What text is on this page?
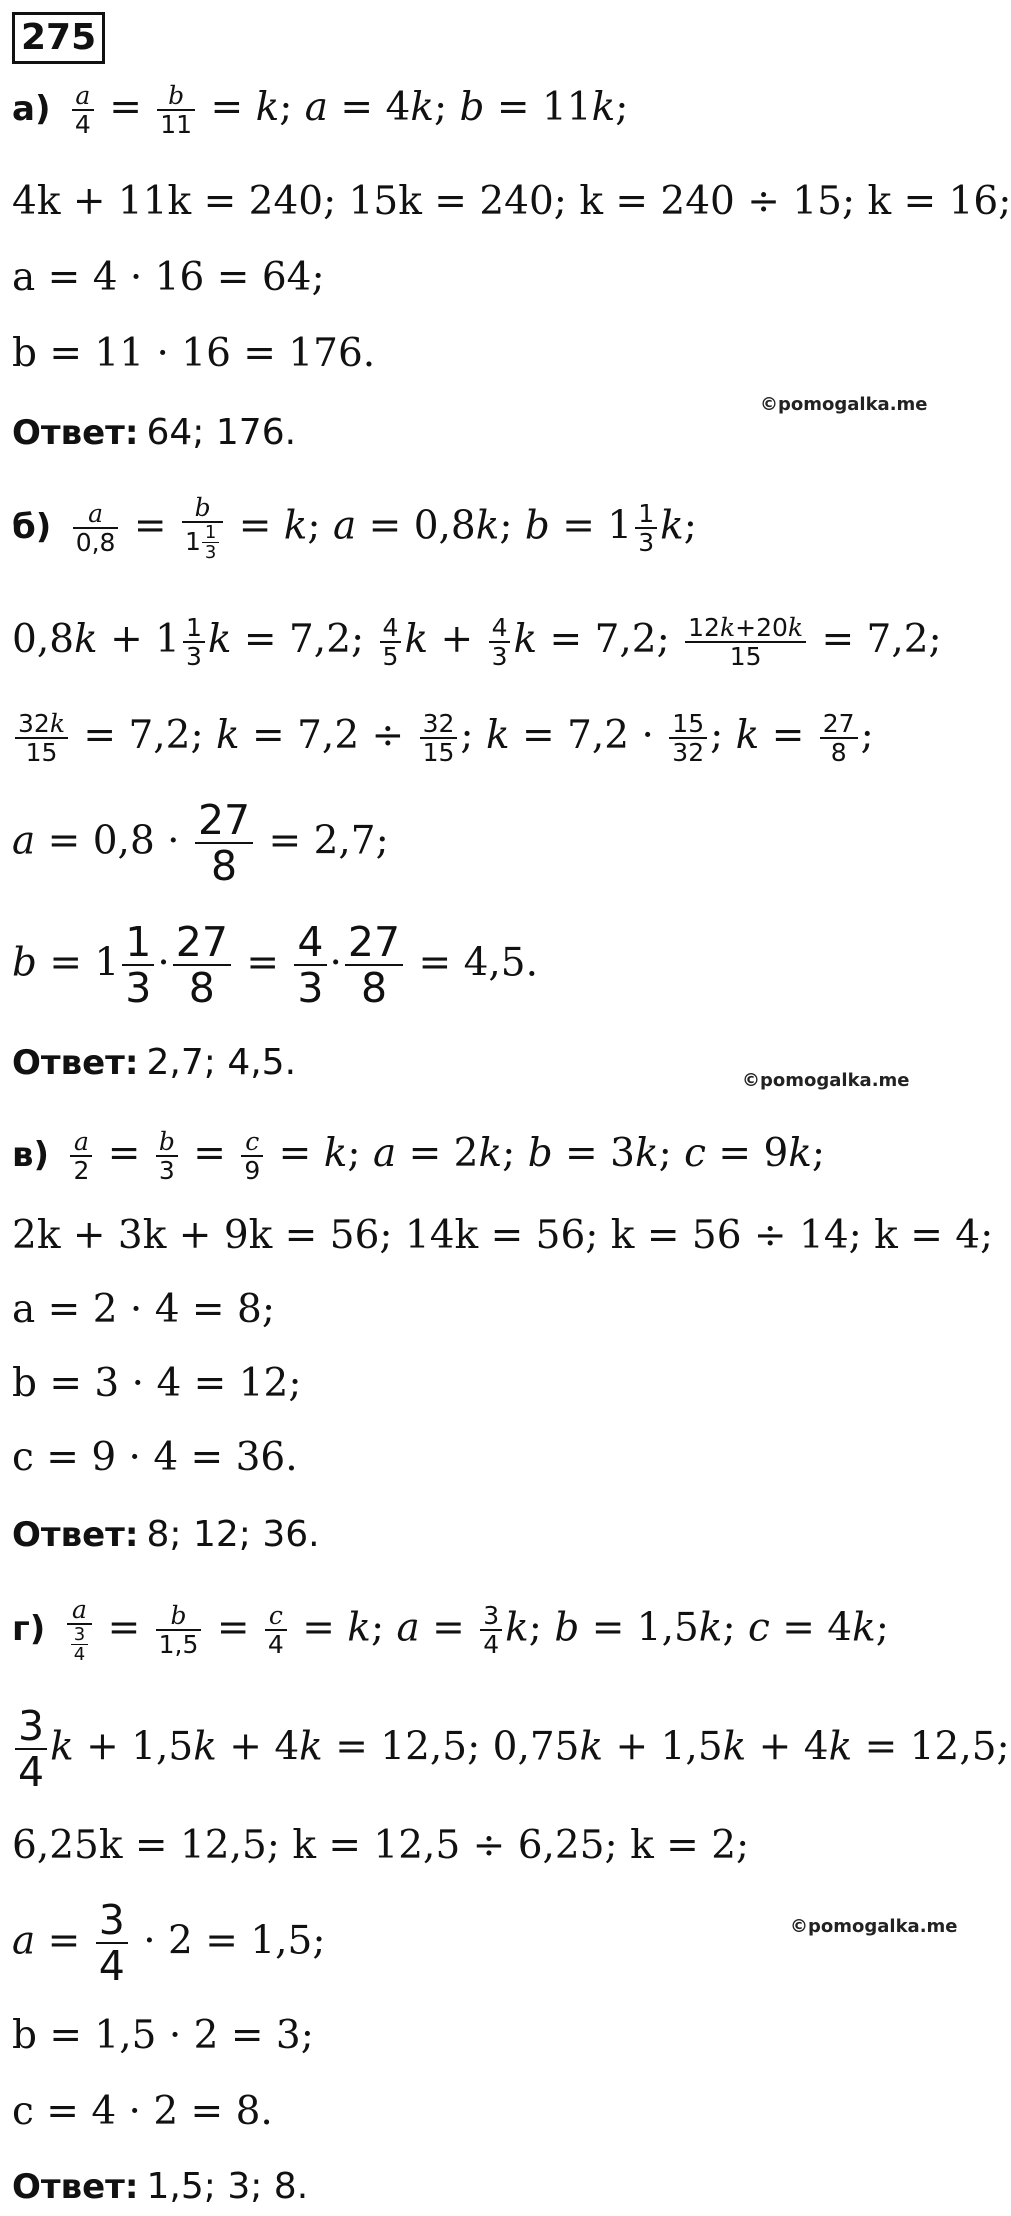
275
$а) \frac{a}{4} = \frac{b}{11} = k$; a = 4k; b = 11k;
4k + 11k = 240; 15k = 240; k = 240 ÷ 15; k = 16;
a = 4 · 16 = 64;
b = 11 · 16 = 176.
Ответ: 64; 176.
©pomogalka.me
$б) \frac{a}{0,8} = \frac{b}{1 \frac{1}{3}} = k$; a = 0,8k; $b = 1 \frac{1}{3} k$;
$0,8k + 1 \frac{1}{3}$ k = 7,2; $\frac{4}{5}$ $k + \frac{4}{3}$ k = 7,2; $\frac{12k+20k}{15} = 7,2$;
$\frac{32k}{15} = 7,2$; $k = 7,2 \div \frac{32}{15}$ ; $k = 7,2 \cdot \frac{15}{32}$ ; $k = \frac{27}{8}$ ;
$a = 0,8 \cdot \frac{27}{8} = 2,7$;
$b = 1 \frac{1}{3} \cdot \frac{27}{8} = \frac{4}{3} \cdot \frac{27}{8} = 4,5$.
Ответ: 2,7; 4,5.	©pomogalka.me
$в) \frac{a}{2} = \frac{b}{3} = \frac{c}{9} = k$; a = 2k; b = 3k; c = 9k;
2k + 3k + 9k = 56; 14k = 56; k = 56 ÷ 14; k = 4;
a = 2 · 4 = 8;
b = 3 · 4 = 12;
c = 9 · 4 = 36.
Ответ: 8; 12; 36.
$г) \frac{a}{\frac{3}{4}} = \frac{b}{1,5} = \frac{c}{4} = k$; $a = \frac{3}{4} k$; b = 1,5k; c = 4k;
$\frac{3}{4}$ k + 1,5k + 4k = 12,5; 0,75k + 1,5k + 4k = 12,5;
6,25k = 12,5; k = 12,5 ÷ 6,25; k = 2;
$a = \frac{3}{4} \cdot 2 = 1,5$;	©pomogalka.me
b = 1,5 · 2 = 3;
c = 4 · 2 = 8.
Ответ: 1,5; 3; 8.
